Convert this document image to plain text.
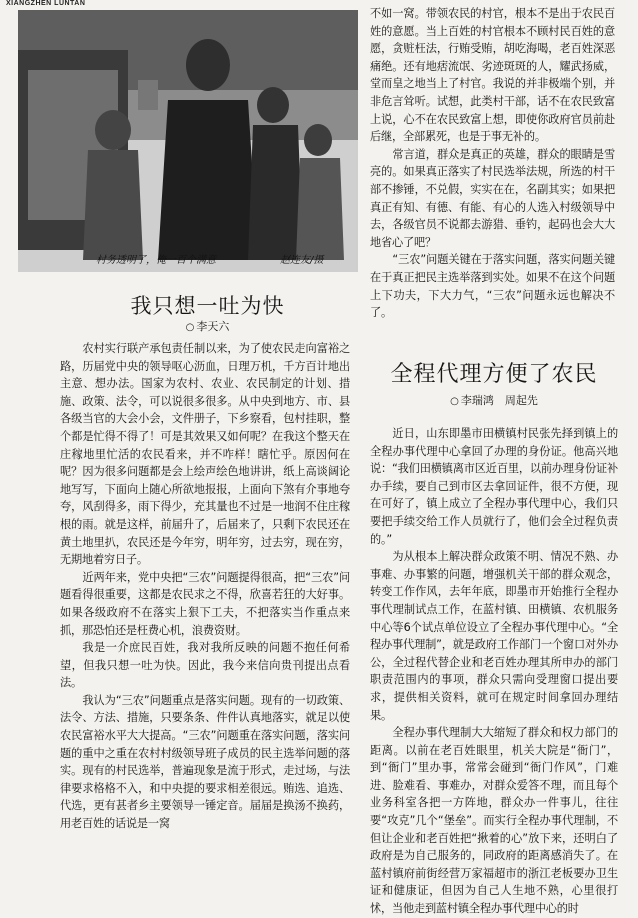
XIANGZHEN LUNTAN
村务透明了，俺一百个满意	赵连友/摄
我只想一吐为快
○ 李天六

农村实行联产承包责任制以来，为了使农民走向富裕之路，历届党中央的领导呕心沥血，日理万机，千方百计地出主意、想办法。国家为农村、农业、农民制定的计划、措施、政策、法令，可以说很多很多。从中央到地方、市、县各级当官的大会小会，文件册子，下乡察看，包村挂职，整个都是忙得不得了！可是其效果又如何呢？在我这个整天在庄稼地里忙活的农民看来，并不咋样！瞎忙乎。原因何在呢？因为很多问题都是会上绘声绘色地讲讲，纸上高谈阔论地写写，下面向上随心所欲地报报，上面向下煞有介事地夸夸，风刮得多，雨下得少，充其量也不过是一地润不住庄稼根的雨。就是这样，前届升了，后届来了，只剩下农民还在黄土地里扒，农民还是今年穷，明年穷，过去穷，现在穷，无期地着穷日子。

近两年来，党中央把“三农”问题提得很高，把“三农”问题看得很重要，这都是农民求之不得，欣喜若狂的大好事。如果各级政府不在落实上狠下工夫，不把落实当作重点来抓，那恐怕还是枉费心机，浪费资财。

我是一介庶民百姓，我对我所反映的问题不抱任何希望，但我只想一吐为快。因此，我今来信向贵刊提出点看法。

我认为“三农”问题重点是落实问题。现有的一切政策、法令、方法、措施，只要条条、件件认真地落实，就足以使农民富裕水平大大提高。“三农”问题重在落实问题，落实问题的重中之重在农村村级领导班子成员的民主选举问题的落实。现有的村民选举，普遍现象是流于形式，走过场，与法律要求格格不入，和中央提的要求相差很远。贿选、追选、代选，更有甚者乡主要领导一锤定音。届届是换汤不换药，用老百姓的话说是一窝

不如一窝。带领农民的村官，根本不是出于农民百姓的意愿。当上百姓的村官根本不顾村民百姓的意愿，贪赃枉法，行贿受贿，胡吃海喝，老百姓深恶痛绝。还有地痞流氓、劣迹斑斑的人，耀武扬威，堂而皇之地当上了村官。我说的并非极端个别，并非危言耸听。试想，此类村干部，话不在农民致富上说，心不在农民致富上想，即使你政府官员前赴后继，全部累死，也是于事无补的。

常言道，群众是真正的英雄，群众的眼睛是雪亮的。如果真正落实了村民选举法规，所选的村干部不掺锤，不兑假，实实在在，名副其实；如果把真正有知、有德、有能、有心的人选入村级领导中去，各级官员不说都去游猎、垂钓，起码也会大大地省心了吧？

“三农”问题关键在于落实问题，落实问题关键在于真正把民主选举落到实处。如果不在这个问题上下功夫，下大力气，“三农”问题永远也解决不了。

全程代理方便了农民
○ 李瑞鸿　周起先

近日，山东即墨市田横镇村民张先择到镇上的全程办事代理中心拿回了办理的身份证。他高兴地说：“我们田横镇离市区近百里，以前办理身份证补办手续，要自己到市区去拿回证件，很不方便，现在可好了，镇上成立了全程办事代理中心，我们只要把手续交给工作人员就行了，他们会全过程负责的。”

为从根本上解决群众政策不明、情况不熟、办事难、办事繁的问题，增强机关干部的群众观念，转变工作作风，去年年底，即墨市开始推行全程办事代理制试点工作，在蓝村镇、田横镇、农机服务中心等6个试点单位设立了全程办事代理中心。“全程办事代理制”，就是政府工作部门一个窗口对外办公，全过程代替企业和老百姓办理其所申办的部门职责范围内的事项，群众只需向受理窗口提出要求，提供相关资料，就可在规定时间拿回办理结果。

全程办事代理制大大缩短了群众和权力部门的距离。以前在老百姓眼里，机关大院是“衙门”，到“衙门”里办事，常常会碰到“衙门作风”，门难进、脸难看、事难办，对群众爱答不理，而且每个业务科室各把一方阵地，群众办一件事儿，往往要“攻克”几个“堡垒”。而实行全程办事代理制，不但让企业和老百姓把“揪着的心”放下来，还明白了政府是为自己服务的，同政府的距离感消失了。在蓝村镇府前街经营万家福超市的浙江老板要办卫生证和健康证，但因为自己人生地不熟，心里很打怵，当他走到蓝村镇全程办事代理中心的时
